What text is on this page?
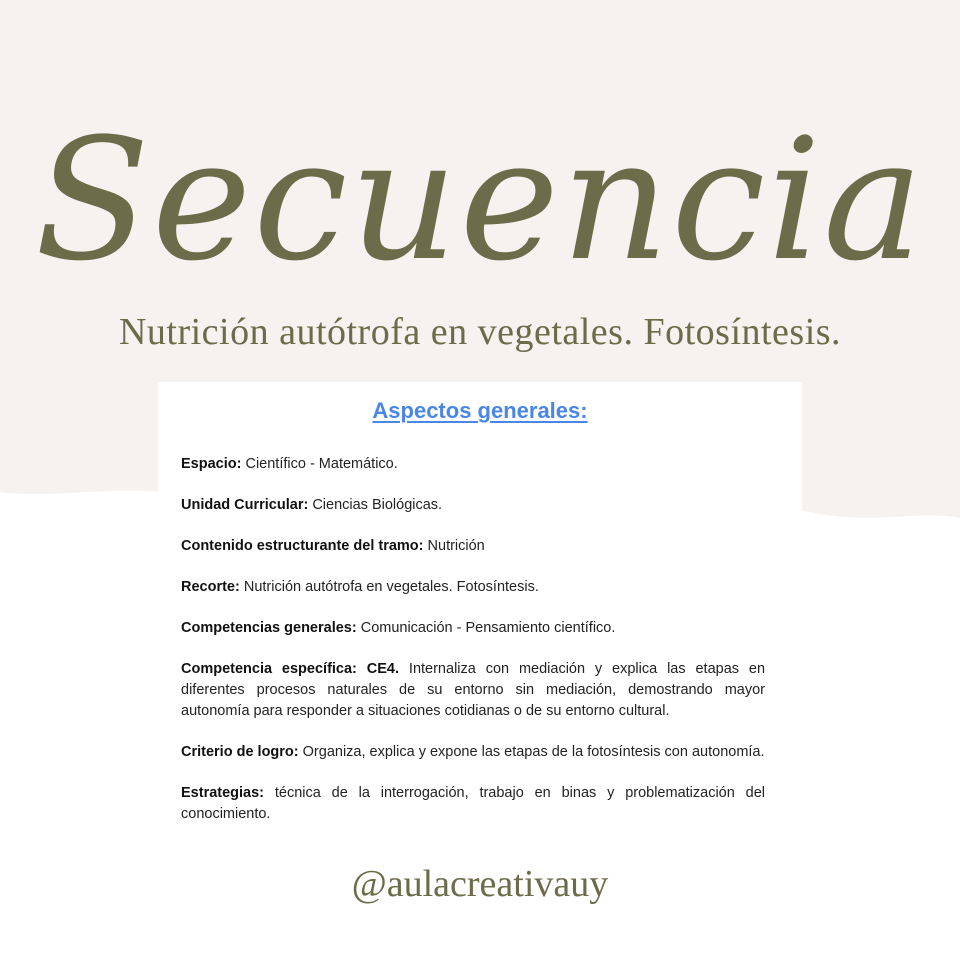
Secuencia
Nutrición autótrofa en vegetales. Fotosíntesis.
Aspectos generales:

Espacio: Científico - Matemático.

Unidad Curricular: Ciencias Biológicas.

Contenido estructurante del tramo: Nutrición

Recorte: Nutrición autótrofa en vegetales. Fotosíntesis.

Competencias generales: Comunicación - Pensamiento científico.

Competencia específica: CE4. Internaliza con mediación y explica las etapas en diferentes procesos naturales de su entorno sin mediación, demostrando mayor autonomía para responder a situaciones cotidianas o de su entorno cultural.

Criterio de logro: Organiza, explica y expone las etapas de la fotosíntesis con autonomía.

Estrategias: técnica de la interrogación, trabajo en binas y problematización del conocimiento.

@aulacreativauy
